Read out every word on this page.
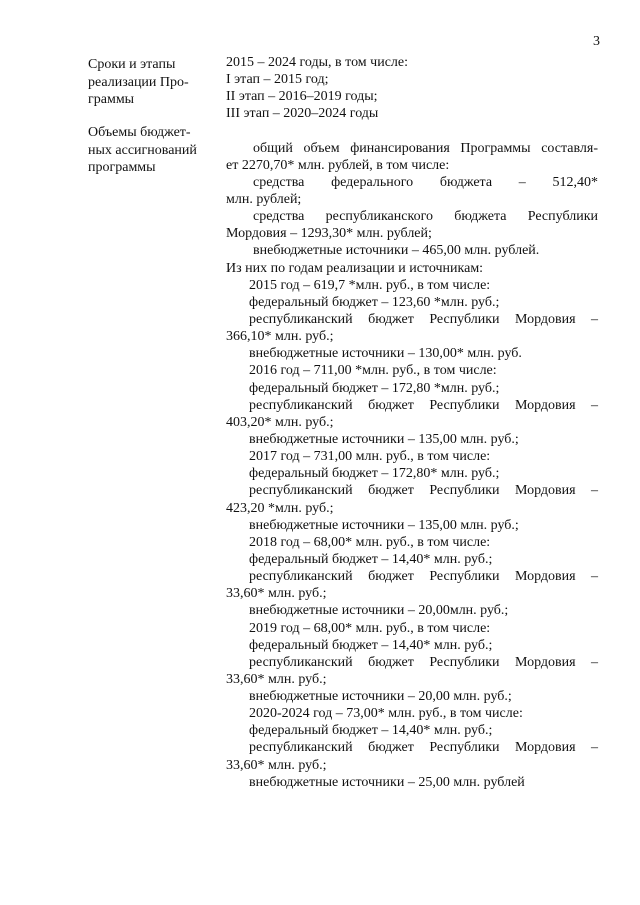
3
Сроки и этапы
реализации Про-
граммы
Объемы бюджет-
ных ассигнований
программы
2015 – 2024 годы, в том числе:
I этап – 2015 год;
II этап – 2016–2019 годы;
III этап – 2020–2024 годы
общий объем финансирования Программы составля-
ет 2270,70* млн. рублей, в том числе:
средства федерального бюджета – 512,40*
млн. рублей;
средства республиканского бюджета Республики
Мордовия – 1293,30* млн. рублей;
внебюджетные источники – 465,00 млн. рублей.
Из них по годам реализации и источникам:
2015 год – 619,7 *млн. руб., в том числе:
федеральный бюджет – 123,60 *млн. руб.;
республиканский бюджет Республики Мордовия –
366,10* млн. руб.;
внебюджетные источники – 130,00* млн. руб.
2016 год – 711,00 *млн. руб., в том числе:
федеральный бюджет – 172,80 *млн. руб.;
республиканский бюджет Республики Мордовия –
403,20* млн. руб.;
внебюджетные источники – 135,00 млн. руб.;
2017 год – 731,00 млн. руб., в том числе:
федеральный бюджет – 172,80* млн. руб.;
республиканский бюджет Республики Мордовия –
423,20 *млн. руб.;
внебюджетные источники – 135,00 млн. руб.;
2018 год – 68,00* млн. руб., в том числе:
федеральный бюджет – 14,40* млн. руб.;
республиканский бюджет Республики Мордовия –
33,60* млн. руб.;
внебюджетные источники – 20,00млн. руб.;
2019 год – 68,00* млн. руб., в том числе:
федеральный бюджет – 14,40* млн. руб.;
республиканский бюджет Республики Мордовия –
33,60* млн. руб.;
внебюджетные источники – 20,00 млн. руб.;
2020-2024 год – 73,00* млн. руб., в том числе:
федеральный бюджет – 14,40* млн. руб.;
республиканский бюджет Республики Мордовия –
33,60* млн. руб.;
внебюджетные источники – 25,00 млн. рублей
